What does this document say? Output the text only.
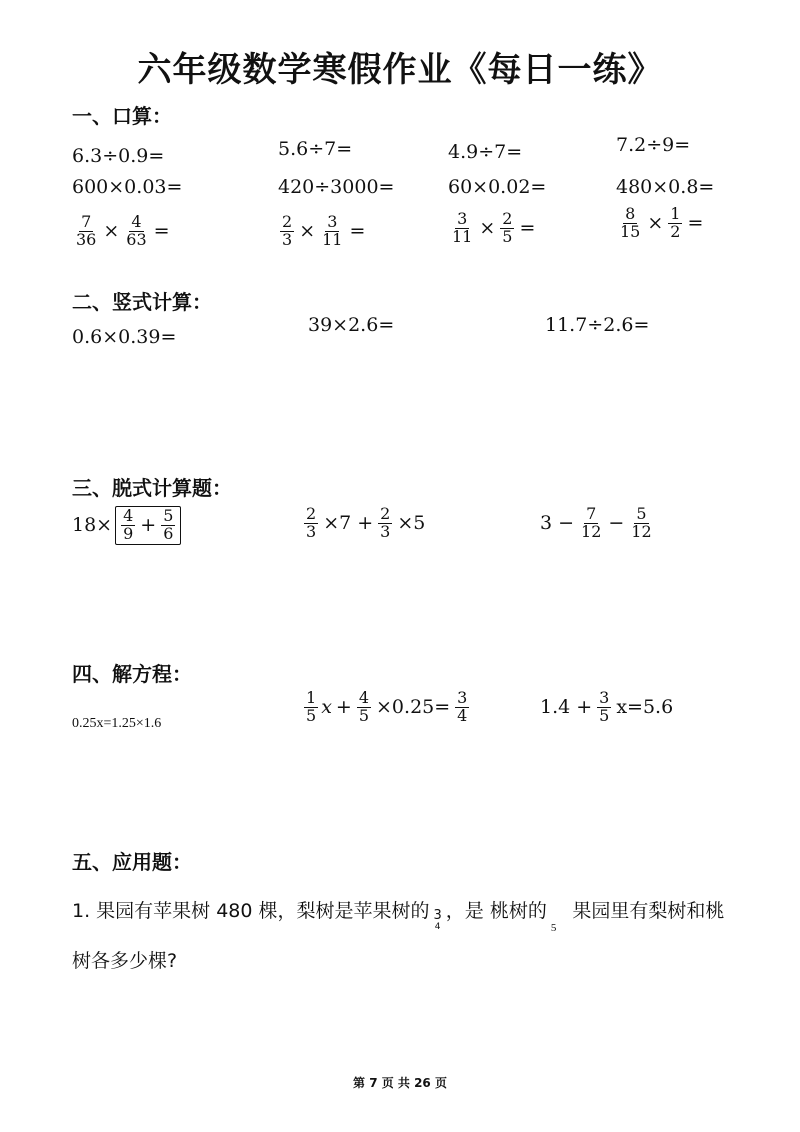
六年级数学寒假作业《每日一练》
一、口算：
6.3÷0.9=	5.6÷7=	4.9÷7=	7.2÷9=
600×0.03=	420÷3000=	60×0.02=	480×0.8=
$\frac{7}{36} \times \frac{4}{63}$ =	$\frac{2}{3} \times \frac{3}{11}$ =	$\frac{3}{11} \times \frac{2}{5}$ =	$\frac{8}{15} \times \frac{1}{2}$ =
二、竖式计算：
0.6×0.39=
39×2.6=	11.7÷2.6=
三、脱式计算题：
$18\times \frac{4}{9} + \frac{5}{6}$	$\frac{2}{3} \times 7 + \frac{2}{3} \times 5$	$3 - \frac{7}{12} - \frac{5}{12}$
四、解方程：
0.25x=1.25×1.6	$\frac{1}{5}$ $x + \frac{4}{5} \times 0.25= \frac{3}{4}$	$1.4 + \frac{3}{5} x=5.6$
五、应用题：
1. 果园有苹果树 480 棵，梨树是苹果树的 3
4
，是 桃树的$_5$ 果园里有梨树和桃
树各多少棵?
第 7 页 共 26 页
